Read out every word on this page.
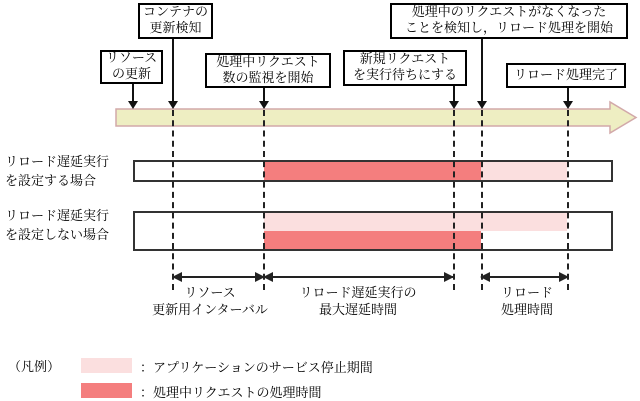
リソース
の更新
コンテナの
更新検知
処理中リクエスト
数の監視を開始
新規リクエスト
を実行待ちにする
処理中のリクエストがなくなった
ことを検知し，リロード処理を開始
リロード処理完了
リロード遅延実行
を設定する場合
リロード遅延実行
を設定しない場合
リソース
更新用インターバル
リロード遅延実行の
最大遅延時間
リロード
処理時間
（凡例）	：アプリケーションのサービス停止期間
：処理中リクエストの処理時間
